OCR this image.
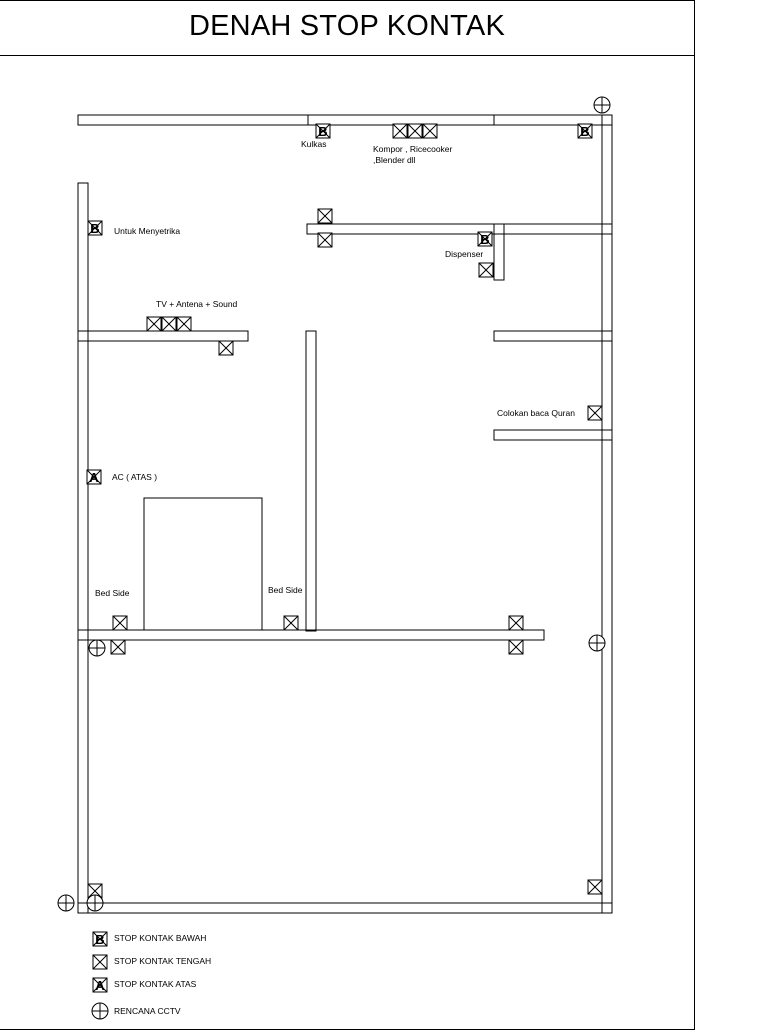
DENAH STOP KONTAK
Kulkas	Kompor , Ricecooker
,Blender dll
Untuk Menyetrika
Dispenser
TV + Antena + Sound
Colokan baca Quran
AC ( ATAS )
Bed Side	Bed Side
B	B
B
B
A
B
A
STOP KONTAK BAWAH
STOP KONTAK TENGAH
STOP KONTAK ATAS
RENCANA CCTV
